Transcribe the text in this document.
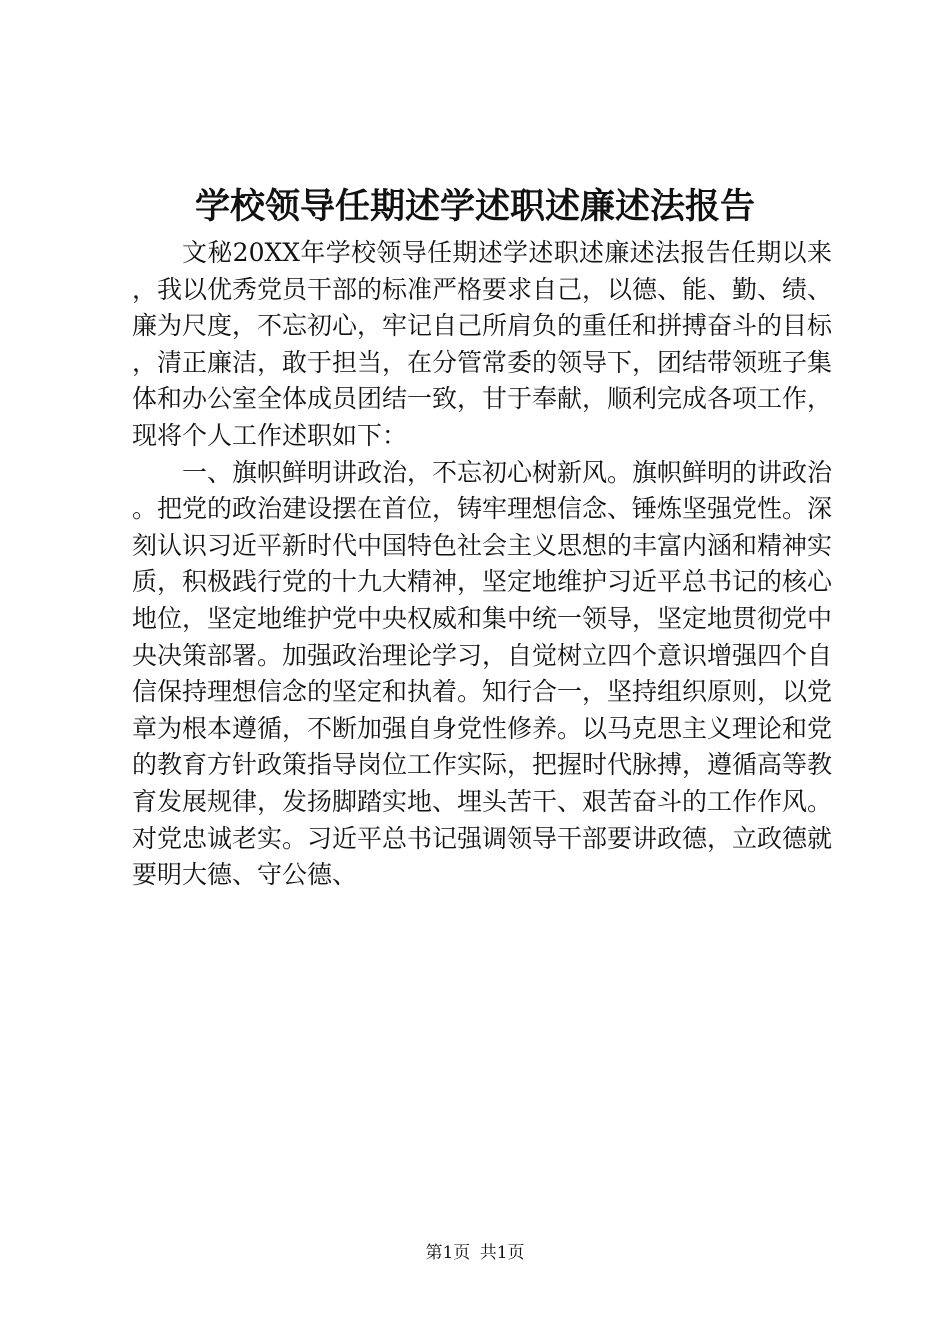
学校领导任期述学述职述廉述法报告

文秘20XX年学校领导任期述学述职述廉述法报告任期以来，我以优秀党员干部的标准严格要求自己，以德、能、勤、绩、廉为尺度，不忘初心，牢记自己所肩负的重任和拼搏奋斗的目标，清正廉洁，敢于担当，在分管常委的领导下，团结带领班子集体和办公室全体成员团结一致，甘于奉献，顺利完成各项工作，现将个人工作述职如下：

一、旗帜鲜明讲政治，不忘初心树新风。旗帜鲜明的讲政治。把党的政治建设摆在首位，铸牢理想信念、锤炼坚强党性。深刻认识习近平新时代中国特色社会主义思想的丰富内涵和精神实质，积极践行党的十九大精神，坚定地维护习近平总书记的核心地位，坚定地维护党中央权威和集中统一领导，坚定地贯彻党中央决策部署。加强政治理论学习，自觉树立四个意识增强四个自信保持理想信念的坚定和执着。知行合一，坚持组织原则，以党章为根本遵循，不断加强自身党性修养。以马克思主义理论和党的教育方针政策指导岗位工作实际，把握时代脉搏，遵循高等教育发展规律，发扬脚踏实地、埋头苦干、艰苦奋斗的工作作风。对党忠诚老实。习近平总书记强调领导干部要讲政德，立政德就要明大德、守公德、

第1页 共1页
